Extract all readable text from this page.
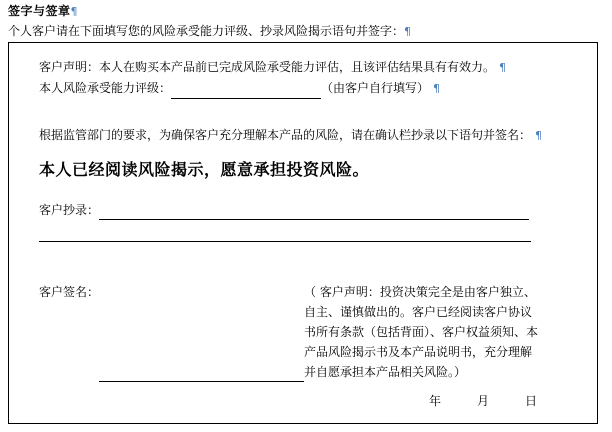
签字与签章¶
个人客户请在下面填写您的风险承受能力评级、抄录风险揭示语句并签字：¶
客户声明：本人在购买本产品前已完成风险承受能力评估，且该评估结果具有有效力。 ¶
本人风险承受能力评级：	（由客户自行填写） ¶
根据监管部门的要求，为确保客户充分理解本产品的风险，请在确认栏抄录以下语句并签名： ¶
本人已经阅读风险揭示，愿意承担投资风险。
客户抄录：
客户签名：	（ 客户声明：投资决策完全是由客户独立、自主、谨慎做出的。客户已经阅读客户协议书所有条款（包括背面）、客户权益须知、本产品风险揭示书及本产品说明书，充分理解并自愿承担本产品相关风险。）
年	月	日
